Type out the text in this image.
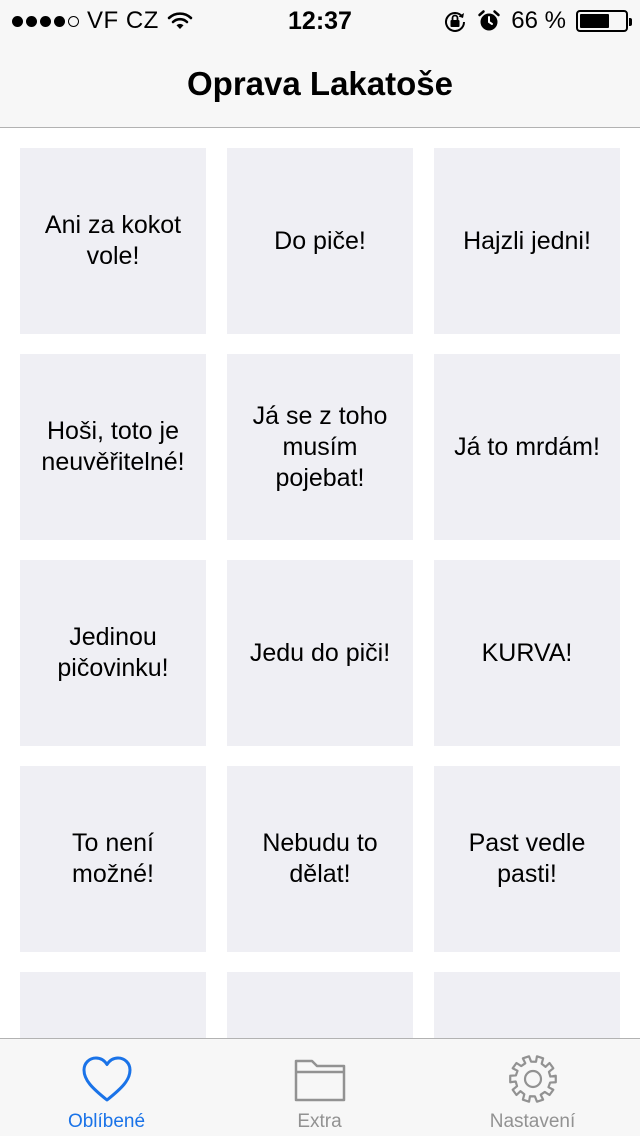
VF CZ	12:37	66 %
Oprava Lakatoše
Ani za kokot vole!
Do piče!	Hajzli jedni!
Hoši, toto je neuvěřitelné!
Já se z toho musím pojebat!
Já to mrdám!
Jedinou pičovinku!
Jedu do piči!	KURVA!
To není možné!
Nebudu to dělat!
Past vedle pasti!
Oblíbené	Extra	Nastavení
